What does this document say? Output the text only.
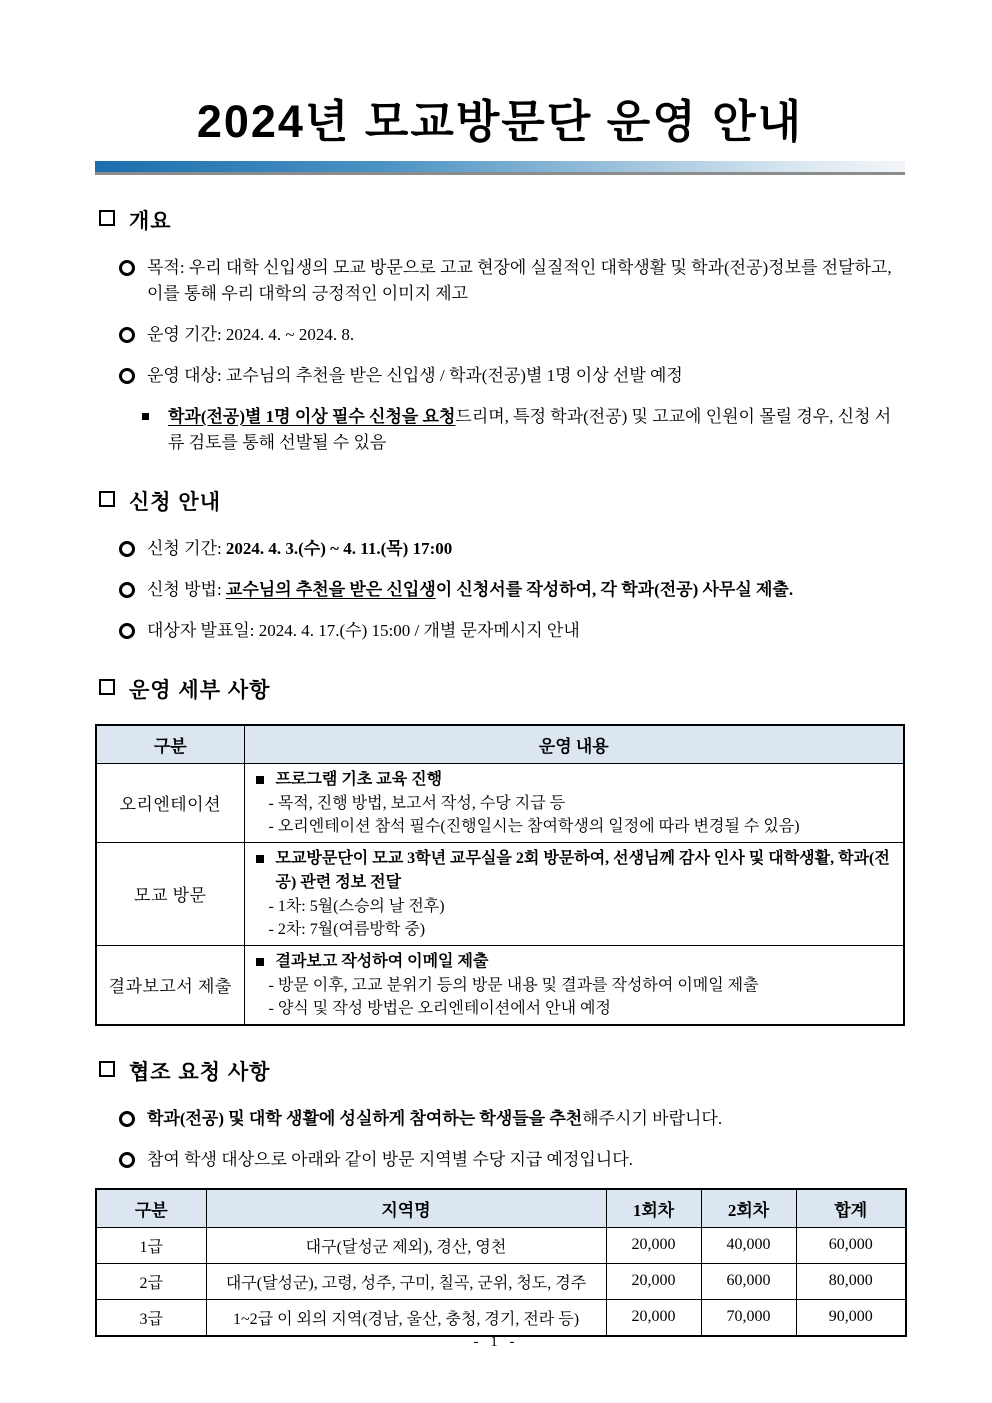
2024년 모교방문단 운영 안내
개요
목적: 우리 대학 신입생의 모교 방문으로 고교 현장에 실질적인 대학생활 및 학과(전공)정보를 전달하고, 이를 통해 우리 대학의 긍정적인 이미지 제고
운영 기간: 2024. 4. ~ 2024. 8.
운영 대상: 교수님의 추천을 받은 신입생 / 학과(전공)별 1명 이상 선발 예정
학과(전공)별 1명 이상 필수 신청을 요청드리며, 특정 학과(전공) 및 고교에 인원이 몰릴 경우, 신청 서류 검토를 통해 선발될 수 있음
신청 안내
신청 기간: 2024. 4. 3.(수) ~ 4. 11.(목) 17:00
신청 방법: 교수님의 추천을 받은 신입생이 신청서를 작성하여, 각 학과(전공) 사무실 제출.
대상자 발표일: 2024. 4. 17.(수) 15:00 / 개별 문자메시지 안내
운영 세부 사항
구분	운영 내용
오리엔테이션	프로그램 기초 교육 진행
- 목적, 진행 방법, 보고서 작성, 수당 지급 등
- 오리엔테이션 참석 필수(진행일시는 참여학생의 일정에 따라 변경될 수 있음)

모교 방문	모교방문단이 모교 3학년 교무실을 2회 방문하여, 선생님께 감사 인사 및 대학생활, 학과(전공) 관련 정보 전달
- 1차: 5월(스승의 날 전후)
- 2차: 7월(여름방학 중)

결과보고서 제출	결과보고 작성하여 이메일 제출
- 방문 이후, 고교 분위기 등의 방문 내용 및 결과를 작성하여 이메일 제출
- 양식 및 작성 방법은 오리엔테이션에서 안내 예정
협조 요청 사항
학과(전공) 및 대학 생활에 성실하게 참여하는 학생들을 추천해주시기 바랍니다.
참여 학생 대상으로 아래와 같이 방문 지역별 수당 지급 예정입니다.
구분	지역명	1회차	2회차	합계
1급	대구(달성군 제외), 경산, 영천	20,000	40,000	60,000
2급	대구(달성군), 고령, 성주, 구미, 칠곡, 군위, 청도, 경주	20,000	60,000	80,000
3급	1~2급 이 외의 지역(경남, 울산, 충청, 경기, 전라 등)	20,000	70,000	90,000
- 1 -
